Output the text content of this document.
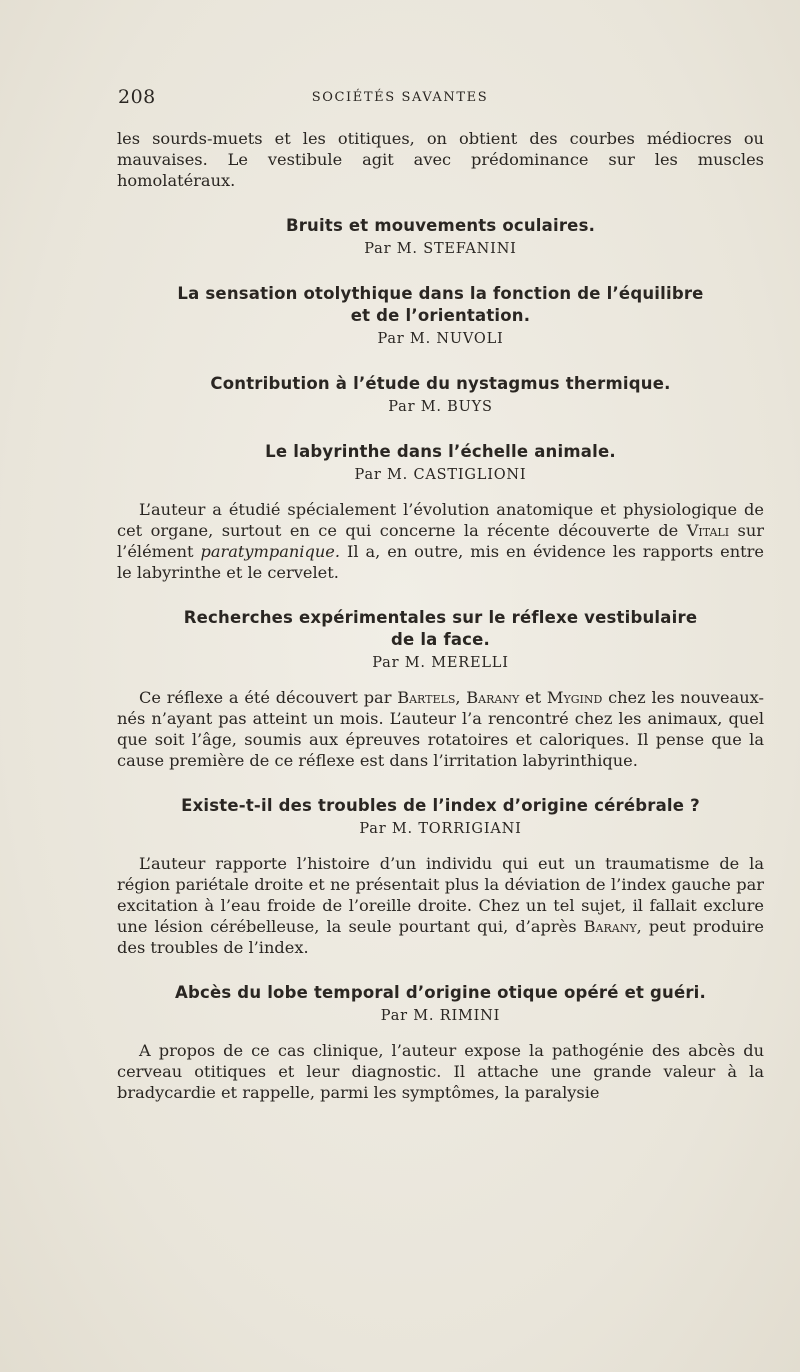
208	SOCIÉTÉS SAVANTES

les sourds-muets et les otitiques, on obtient des courbes médiocres ou mauvaises. Le vestibule agit avec prédominance sur les muscles homolatéraux.

Bruits et mouvements oculaires.
Par M. STEFANINI
La sensation otolythique dans la fonction de l’équilibre
et de l’orientation.
Par M. NUVOLI
Contribution à l’étude du nystagmus thermique.
Par M. BUYS
Le labyrinthe dans l’échelle animale.
Par M. CASTIGLIONI

L’auteur a étudié spécialement l’évolution anatomique et physiologique de cet organe, surtout en ce qui concerne la récente découverte de Vitali sur l’élément paratympanique. Il a, en outre, mis en évidence les rapports entre le labyrinthe et le cervelet.

Recherches expérimentales sur le réflexe vestibulaire
de la face.
Par M. MERELLI

Ce réflexe a été découvert par Bartels, Barany et Mygind chez les nouveaux-nés n’ayant pas atteint un mois. L’auteur l’a rencontré chez les animaux, quel que soit l’âge, soumis aux épreuves rotatoires et caloriques. Il pense que la cause première de ce réflexe est dans l’irritation labyrinthique.

Existe-t-il des troubles de l’index d’origine cérébrale ?
Par M. TORRIGIANI

L’auteur rapporte l’histoire d’un individu qui eut un traumatisme de la région pariétale droite et ne présentait plus la déviation de l’index gauche par excitation à l’eau froide de l’oreille droite. Chez un tel sujet, il fallait exclure une lésion cérébelleuse, la seule pourtant qui, d’après Barany, peut produire des troubles de l’index.

Abcès du lobe temporal d’origine otique opéré et guéri.
Par M. RIMINI

A propos de ce cas clinique, l’auteur expose la pathogénie des abcès du cerveau otitiques et leur diagnostic. Il attache une grande valeur à la bradycardie et rappelle, parmi les symptômes, la paralysie
